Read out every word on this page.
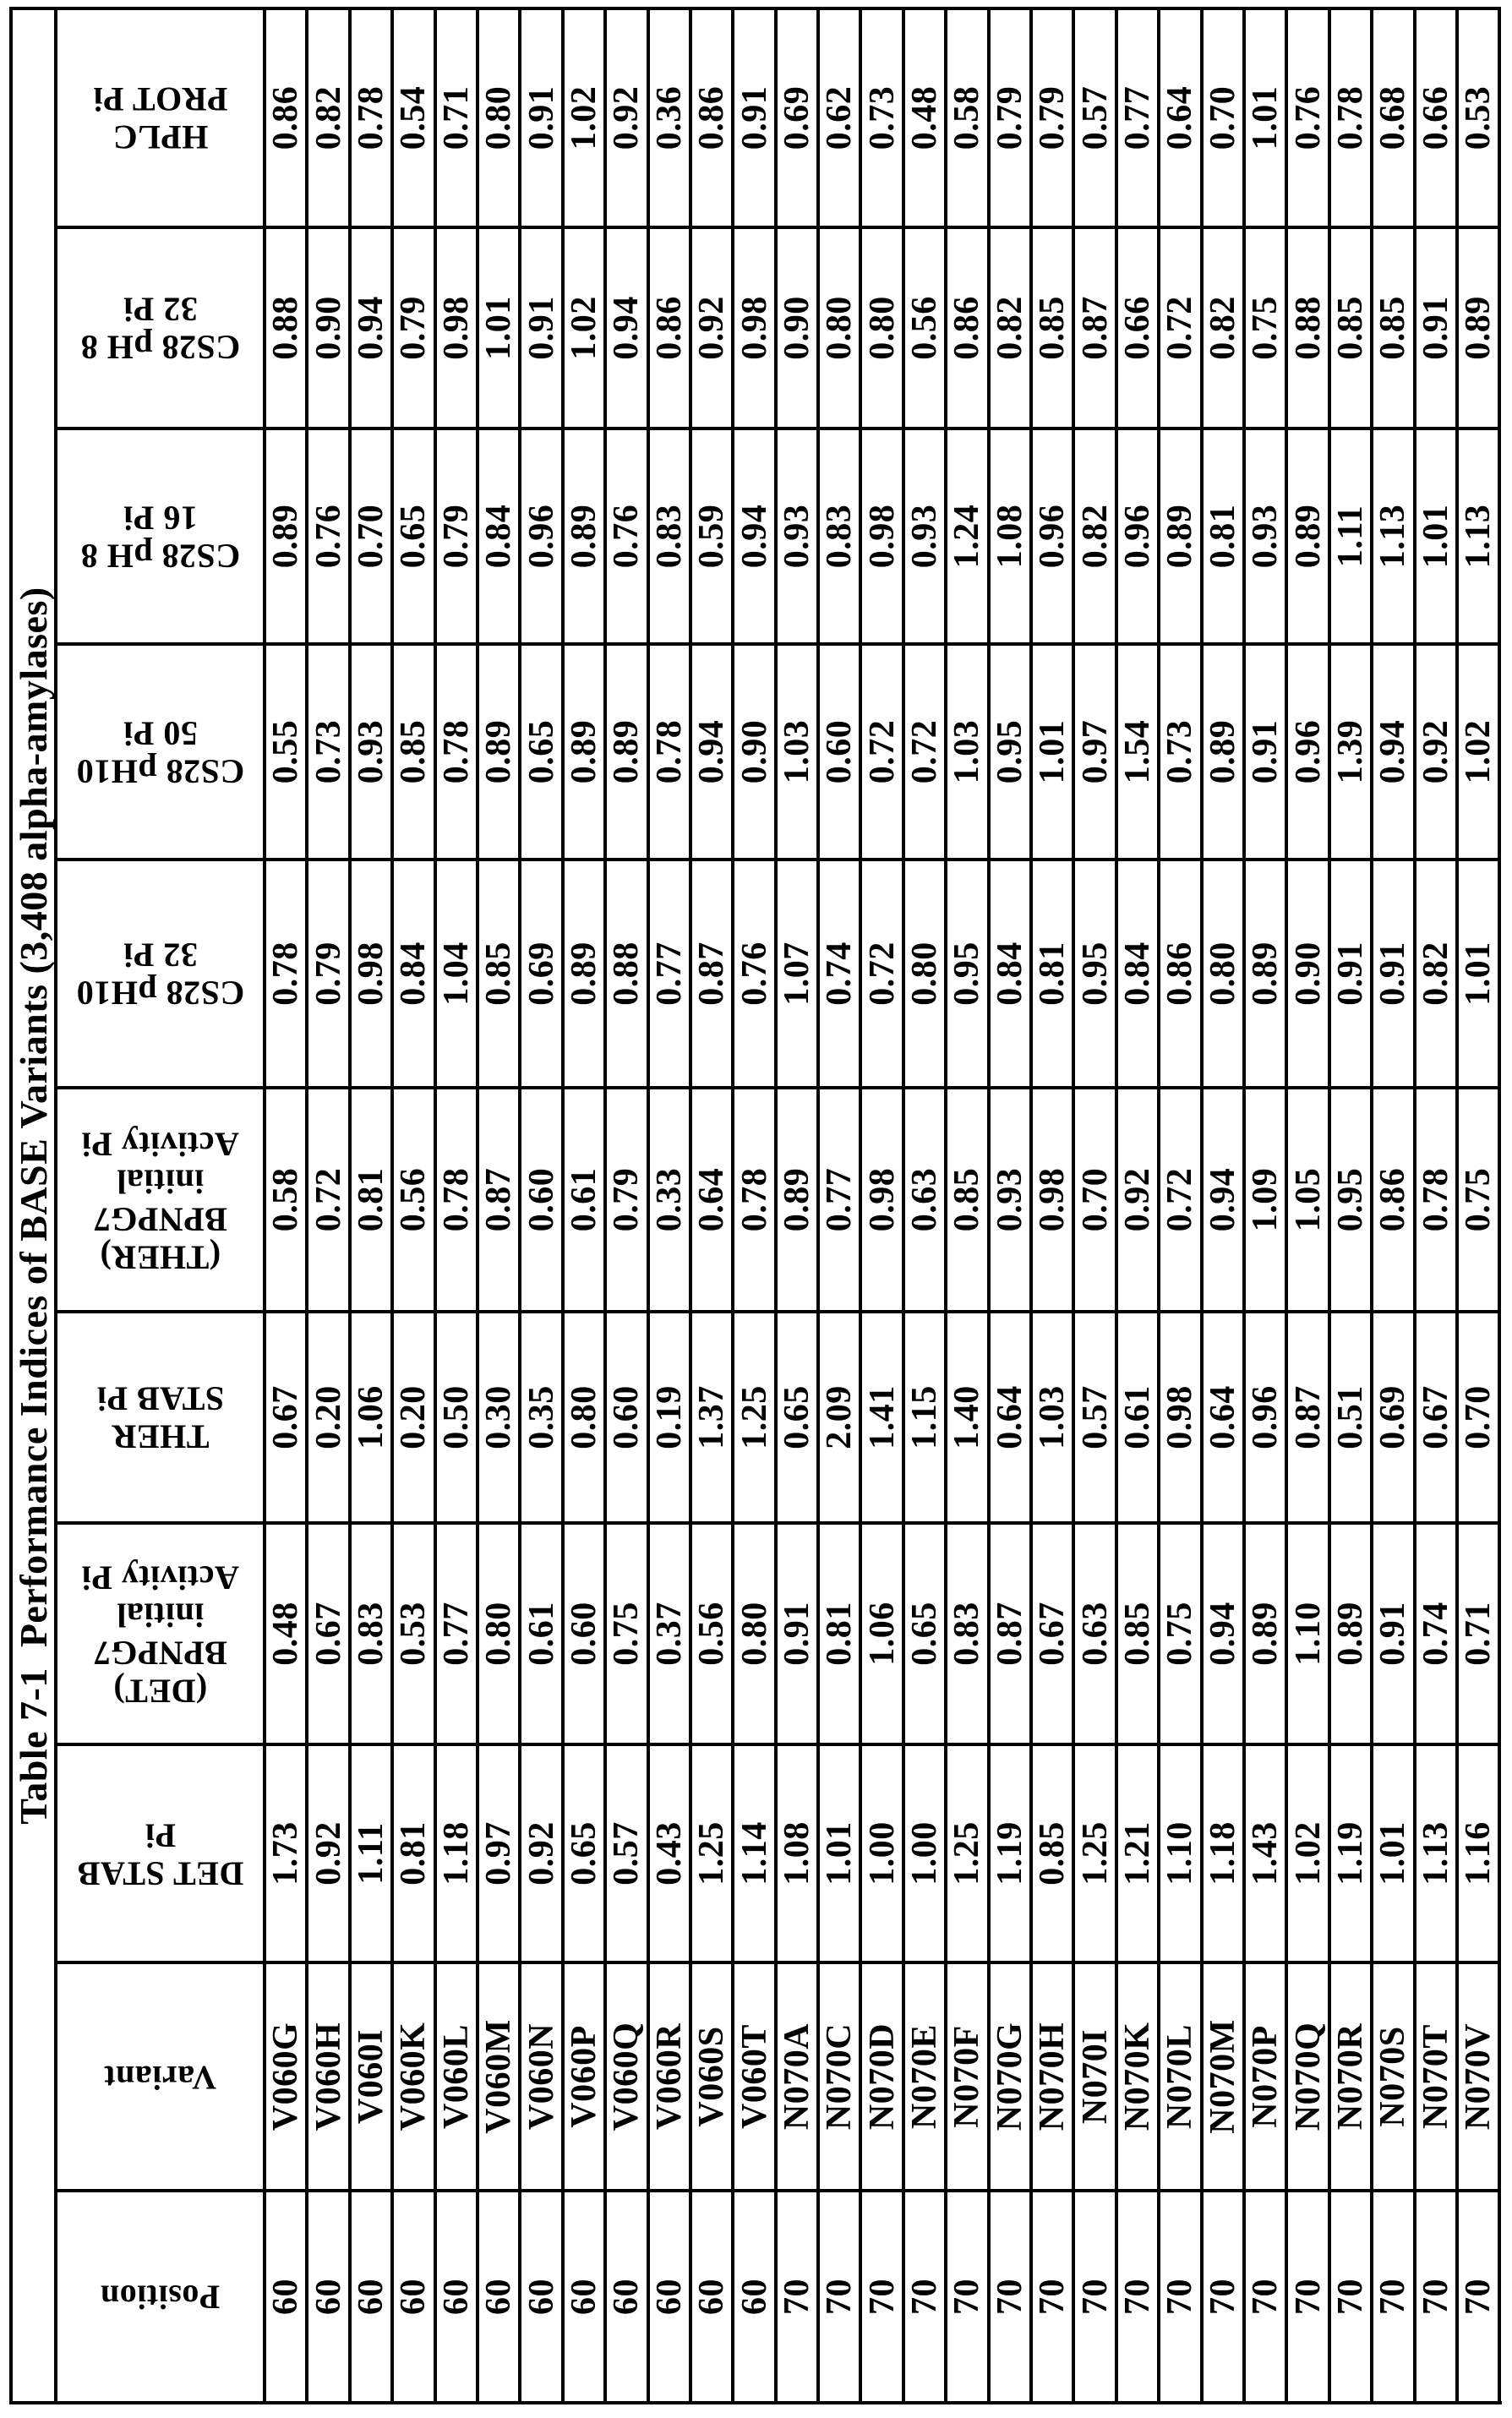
Table 7-1  Performance Indices of BASE Variants (3,408 alpha-amylases)
Position
Variant
DET STAB
Pi
(DET)
BPNPG7
initial
Activity Pi
THER
STAB Pi
(THER)
BPNPG7
initial
Activity Pi
CS28 pH10
32 Pi
CS28 pH10
50 Pi
CS28 pH 8
16 Pi
CS28 pH 8
32 Pi
HPLC
PROT Pi
60
V060G
1.73
0.48
0.67
0.58
0.78
0.55
0.89
0.88
0.86
60
V060H
0.92
0.67
0.20
0.72
0.79
0.73
0.76
0.90
0.82
60
V060I
1.11
0.83
1.06
0.81
0.98
0.93
0.70
0.94
0.78
60
V060K
0.81
0.53
0.20
0.56
0.84
0.85
0.65
0.79
0.54
60
V060L
1.18
0.77
0.50
0.78
1.04
0.78
0.79
0.98
0.71
60
V060M
0.97
0.80
0.30
0.87
0.85
0.89
0.84
1.01
0.80
60
V060N
0.92
0.61
0.35
0.60
0.69
0.65
0.96
0.91
0.91
60
V060P
0.65
0.60
0.80
0.61
0.89
0.89
0.89
1.02
1.02
60
V060Q
0.57
0.75
0.60
0.79
0.88
0.89
0.76
0.94
0.92
60
V060R
0.43
0.37
0.19
0.33
0.77
0.78
0.83
0.86
0.36
60
V060S
1.25
0.56
1.37
0.64
0.87
0.94
0.59
0.92
0.86
60
V060T
1.14
0.80
1.25
0.78
0.76
0.90
0.94
0.98
0.91
70
N070A
1.08
0.91
0.65
0.89
1.07
1.03
0.93
0.90
0.69
70
N070C
1.01
0.81
2.09
0.77
0.74
0.60
0.83
0.80
0.62
70
N070D
1.00
1.06
1.41
0.98
0.72
0.72
0.98
0.80
0.73
70
N070E
1.00
0.65
1.15
0.63
0.80
0.72
0.93
0.56
0.48
70
N070F
1.25
0.83
1.40
0.85
0.95
1.03
1.24
0.86
0.58
70
N070G
1.19
0.87
0.64
0.93
0.84
0.95
1.08
0.82
0.79
70
N070H
0.85
0.67
1.03
0.98
0.81
1.01
0.96
0.85
0.79
70
N070I
1.25
0.63
0.57
0.70
0.95
0.97
0.82
0.87
0.57
70
N070K
1.21
0.85
0.61
0.92
0.84
1.54
0.96
0.66
0.77
70
N070L
1.10
0.75
0.98
0.72
0.86
0.73
0.89
0.72
0.64
70
N070M
1.18
0.94
0.64
0.94
0.80
0.89
0.81
0.82
0.70
70
N070P
1.43
0.89
0.96
1.09
0.89
0.91
0.93
0.75
1.01
70
N070Q
1.02
1.10
0.87
1.05
0.90
0.96
0.89
0.88
0.76
70
N070R
1.19
0.89
0.51
0.95
0.91
1.39
1.11
0.85
0.78
70
N070S
1.01
0.91
0.69
0.86
0.91
0.94
1.13
0.85
0.68
70
N070T
1.13
0.74
0.67
0.78
0.82
0.92
1.01
0.91
0.66
70
N070V
1.16
0.71
0.70
0.75
1.01
1.02
1.13
0.89
0.53
